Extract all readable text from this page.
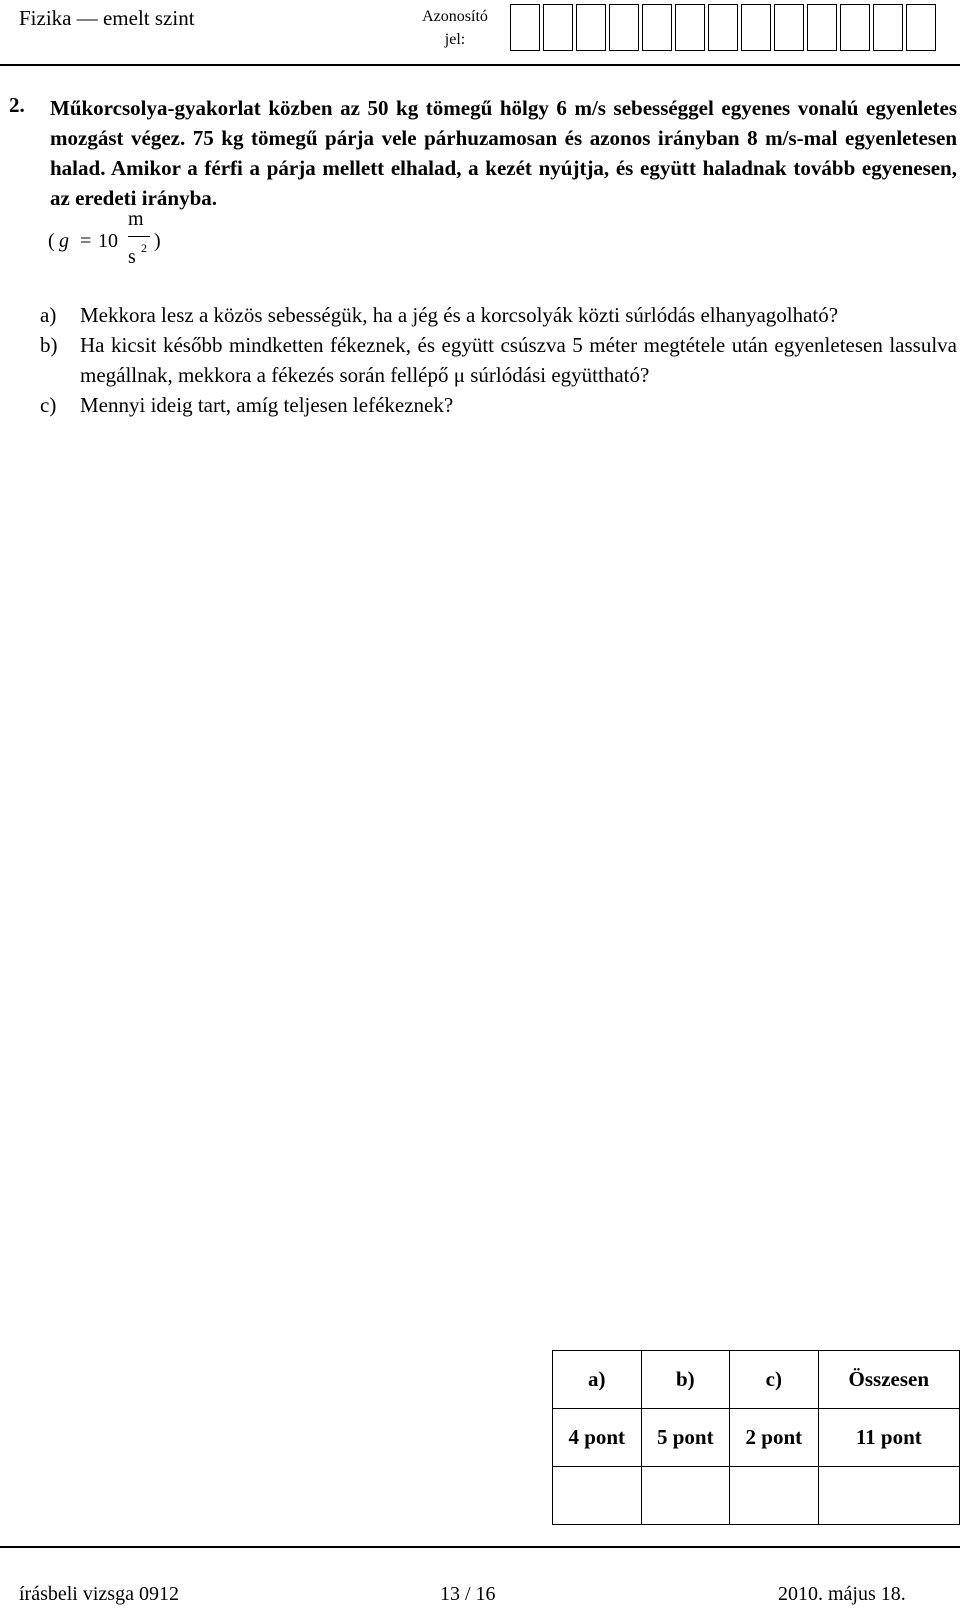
Fizika — emelt szint	Azonosító
jel:
2. Műkorcsolya-gyakorlat közben az 50 kg tömegű hölgy 6 m/s sebességgel egyenes vonalú egyenletes mozgást végez. 75 kg tömegű párja vele párhuzamosan és azonos irányban 8 m/s-mal egyenletesen halad. Amikor a férfi a párja mellett elhalad, a kezét nyújtja, és együtt haladnak tovább egyenesen, az eredeti irányba.
( g = 10
m
s 2 )
a) Mekkora lesz a közös sebességük, ha a jég és a korcsolyák közti súrlódás elhanyagolható?
b) Ha kicsit később mindketten fékeznek, és együtt csúszva 5 méter megtétele után egyenletesen lassulva megállnak, mekkora a fékezés során fellépő μ súrlódási együttható?
c) Mennyi ideig tart, amíg teljesen lefékeznek?
a)	b)	c)	Összesen
4 pont	5 pont	2 pont	11 pont

írásbeli vizsga 0912	13 / 16	2010. május 18.
